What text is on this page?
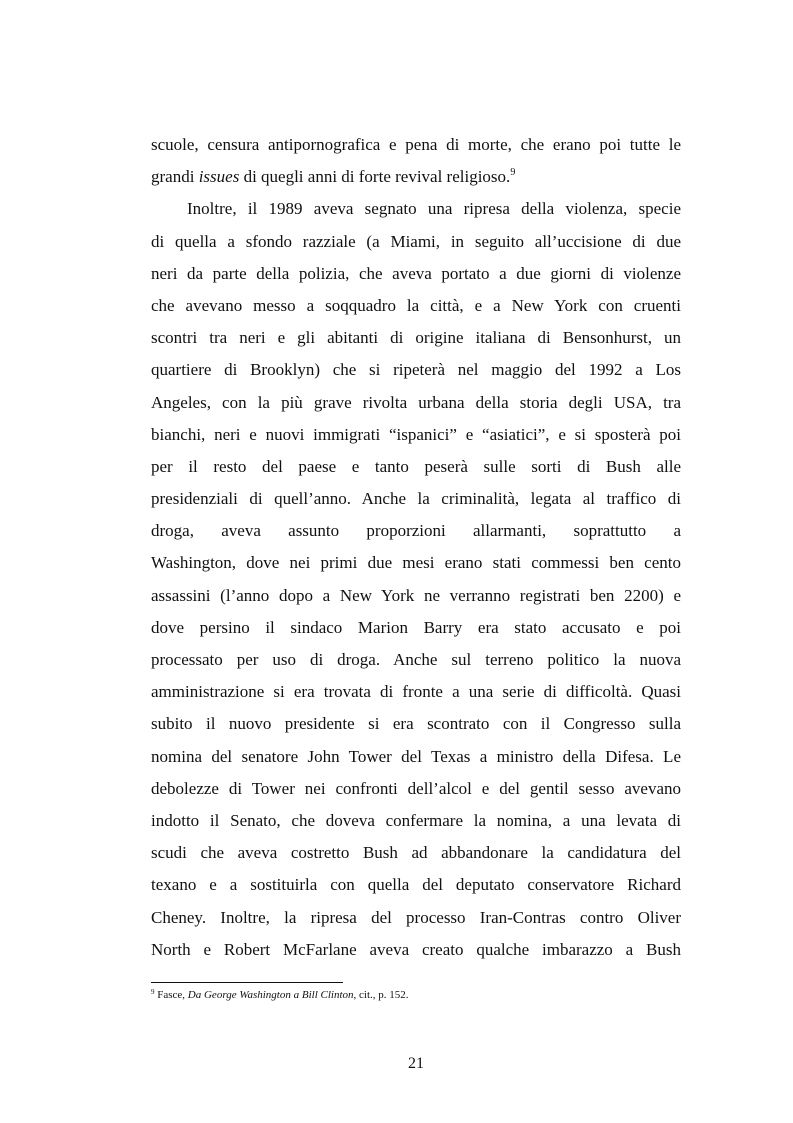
scuole, censura antipornografica e pena di morte, che erano poi tutte le
grandi issues di quegli anni di forte revival religioso.$^9$
Inoltre, il 1989 aveva segnato una ripresa della violenza, specie
di quella a sfondo razziale (a Miami, in seguito all’uccisione di due
neri da parte della polizia, che aveva portato a due giorni di violenze
che avevano messo a soqquadro la città, e a New York con cruenti
scontri tra neri e gli abitanti di origine italiana di Bensonhurst, un
quartiere di Brooklyn) che si ripeterà nel maggio del 1992 a Los
Angeles, con la più grave rivolta urbana della storia degli USA, tra
bianchi, neri e nuovi immigrati “ispanici” e “asiatici”, e si sposterà poi
per il resto del paese e tanto peserà sulle sorti di Bush alle
presidenziali di quell’anno. Anche la criminalità, legata al traffico di
droga, aveva assunto proporzioni allarmanti, soprattutto a
Washington, dove nei primi due mesi erano stati commessi ben cento
assassini (l’anno dopo a New York ne verranno registrati ben 2200) e
dove persino il sindaco Marion Barry era stato accusato e poi
processato per uso di droga. Anche sul terreno politico la nuova
amministrazione si era trovata di fronte a una serie di difficoltà. Quasi
subito il nuovo presidente si era scontrato con il Congresso sulla
nomina del senatore John Tower del Texas a ministro della Difesa. Le
debolezze di Tower nei confronti dell’alcol e del gentil sesso avevano
indotto il Senato, che doveva confermare la nomina, a una levata di
scudi che aveva costretto Bush ad abbandonare la candidatura del
texano e a sostituirla con quella del deputato conservatore Richard
Cheney. Inoltre, la ripresa del processo Iran-Contras contro Oliver
North e Robert McFarlane aveva creato qualche imbarazzo a Bush
$^9$ Fasce, Da George Washington a Bill Clinton, cit., p. 152.
21
